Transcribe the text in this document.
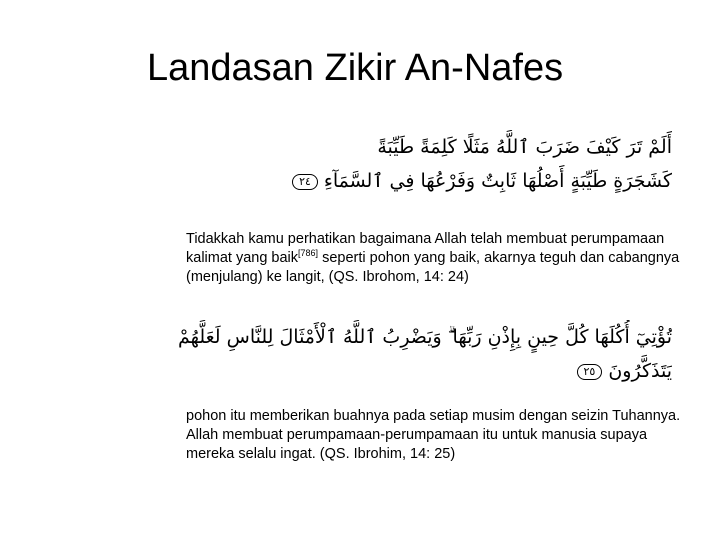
Landasan Zikir An-Nafes
أَلَمْ تَرَ كَيْفَ ضَرَبَ ٱللَّهُ مَثَلًا كَلِمَةً طَيِّبَةً
كَشَجَرَةٍ طَيِّبَةٍ أَصْلُهَا ثَابِتٌ وَفَرْعُهَا فِي ٱلسَّمَآءِ٢٤
Tidakkah kamu perhatikan bagaimana Allah telah membuat perumpamaan kalimat yang baik[786] seperti pohon yang baik, akarnya teguh dan cabangnya (menjulang) ke langit, (QS. Ibrohom, 14: 24)
تُؤْتِيٓ أُكُلَهَا كُلَّ حِينٍ بِإِذْنِ رَبِّهَا ۗ وَيَضْرِبُ ٱللَّهُ ٱلْأَمْثَالَ لِلنَّاسِ لَعَلَّهُمْ
يَتَذَكَّرُونَ٢٥
pohon itu memberikan buahnya pada setiap musim dengan seizin Tuhannya. Allah membuat perumpamaan-perumpamaan itu untuk manusia supaya mereka selalu ingat. (QS. Ibrohim, 14: 25)
